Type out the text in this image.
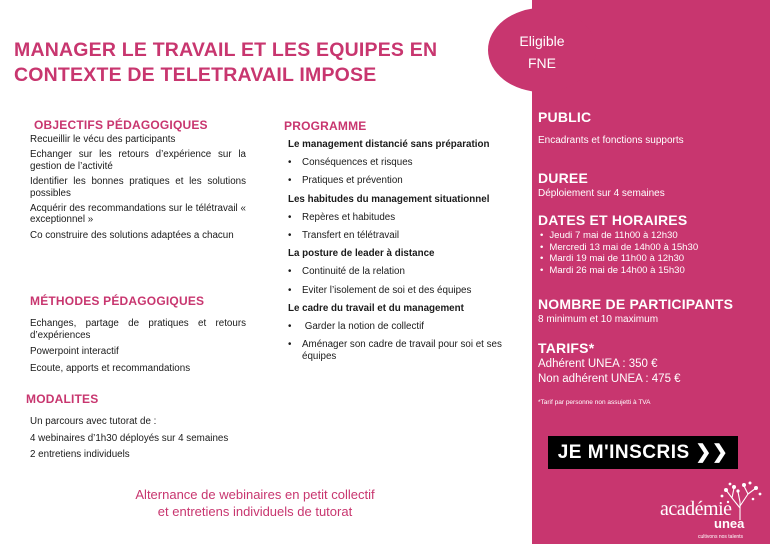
MANAGER LE TRAVAIL ET LES EQUIPES EN
CONTEXTE DE TELETRAVAIL IMPOSE
Eligible
FNE
OBJECTIFS PÉDAGOGIQUES

Recueillir le vécu des participants

Echanger sur les retours d’expérience sur la gestion de l’activité

Identifier les bonnes pratiques et les solutions possibles

Acquérir des recommandations sur le télétravail « exceptionnel »

Co construire des solutions adaptées a chacun

MÉTHODES PÉDAGOGIQUES

Echanges, partage de pratiques et retours d’expériences

Powerpoint interactif

Ecoute, apports et recommandations

MODALITES

Un parcours avec tutorat de :

4 webinaires d’1h30 déployés sur 4 semaines

2 entretiens individuels

PROGRAMME
Le management distancié sans préparation
• Conséquences et risques
• Pratiques et prévention
Les habitudes du management situationnel
• Repères et habitudes
• Transfert en télétravail
La posture de leader à distance
• Continuité de la relation
• Eviter l’isolement de soi et des équipes
Le cadre du travail et du management
• Garder la notion de collectif
• Aménager son cadre de travail pour soi et ses équipes
Alternance de webinaires en petit collectif
et entretiens individuels de tutorat
PUBLIC

Encadrants et fonctions supports

DUREE

Déploiement sur 4 semaines

DATES ET HORAIRES
• Jeudi 7 mai de 11h00 à 12h30
• Mercredi 13 mai de 14h00 à 15h30
• Mardi 19 mai de 11h00 à 12h30
• Mardi 26 mai de 14h00 à 15h30
NOMBRE DE PARTICIPANTS

8 minimum et 10 maximum

TARIFS*

Adhérent UNEA : 350 €

Non adhérent UNEA : 475 €

*Tarif par personne non assujetti à TVA

JE M'INSCRIS ❯❯
académie
unea
cultivons nos talents
